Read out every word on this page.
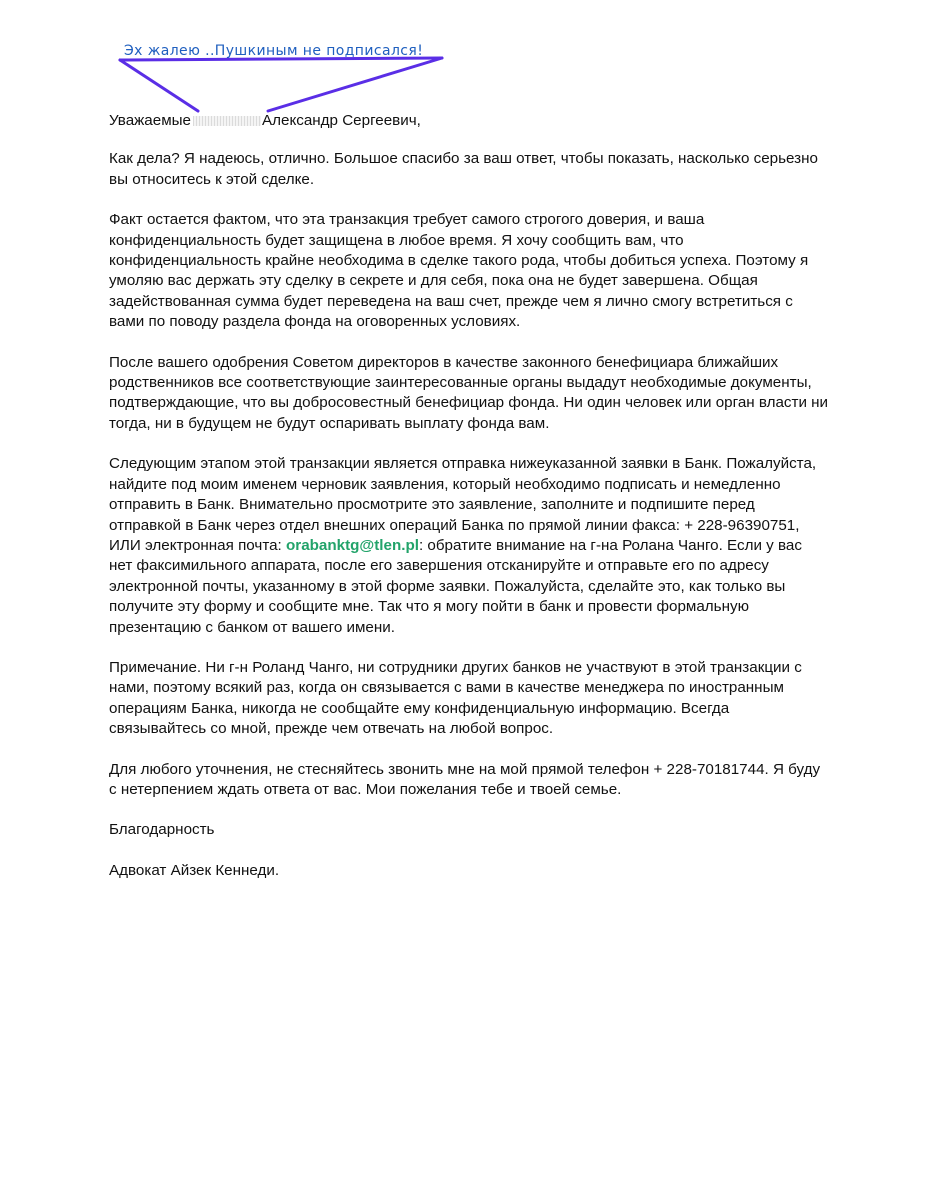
Эх жалею ..Пушкиным не подписался!

Уважаемые	Александр Сергеевич,

Как дела? Я надеюсь, отлично. Большое спасибо за ваш ответ, чтобы показать, насколько серьезно вы относитесь к этой сделке.

Факт остается фактом, что эта транзакция требует самого строгого доверия, и ваша конфиденциальность будет защищена в любое время. Я хочу сообщить вам, что конфиденциальность крайне необходима в сделке такого рода, чтобы добиться успеха. Поэтому я умоляю вас держать эту сделку в секрете и для себя, пока она не будет завершена. Общая задействованная сумма будет переведена на ваш счет, прежде чем я лично смогу встретиться с вами по поводу раздела фонда на оговоренных условиях.

После вашего одобрения Советом директоров в качестве законного бенефициара ближайших родственников все соответствующие заинтересованные органы выдадут необходимые документы, подтверждающие, что вы добросовестный бенефициар фонда. Ни один человек или орган власти ни тогда, ни в будущем не будут оспаривать выплату фонда вам.

Следующим этапом этой транзакции является отправка нижеуказанной заявки в Банк. Пожалуйста, найдите под моим именем черновик заявления, который необходимо подписать и немедленно отправить в Банк. Внимательно просмотрите это заявление, заполните и подпишите перед отправкой в Банк через отдел внешних операций Банка по прямой линии факса: + 228-96390751, ИЛИ электронная почта: orabanktg@tlen.pl: обратите внимание на г-на Ролана Чанго. Если у вас нет факсимильного аппарата, после его завершения отсканируйте и отправьте его по адресу электронной почты, указанному в этой форме заявки. Пожалуйста, сделайте это, как только вы получите эту форму и сообщите мне. Так что я могу пойти в банк и провести формальную презентацию с банком от вашего имени.

Примечание. Ни г-н Роланд Чанго, ни сотрудники других банков не участвуют в этой транзакции с нами, поэтому всякий раз, когда он связывается с вами в качестве менеджера по иностранным операциям Банка, никогда не сообщайте ему конфиденциальную информацию. Всегда связывайтесь со мной, прежде чем отвечать на любой вопрос.

Для любого уточнения, не стесняйтесь звонить мне на мой прямой телефон + 228-70181744. Я буду с нетерпением ждать ответа от вас. Мои пожелания тебе и твоей семье.

Благодарность

Адвокат Айзек Кеннеди.
